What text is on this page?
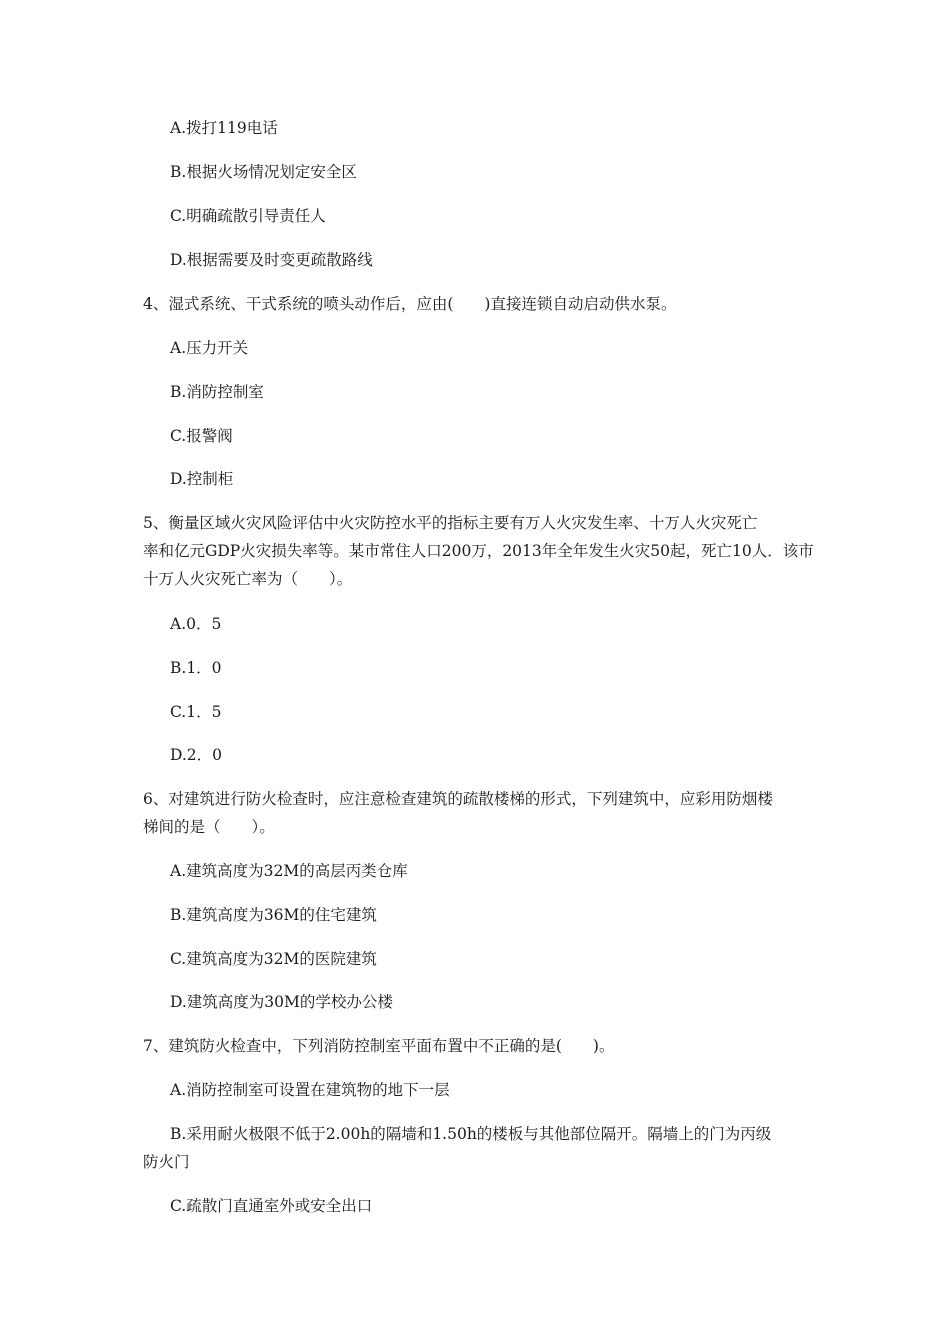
A.拨打119电话
B.根据火场情况划定安全区
C.明确疏散引导责任人
D.根据需要及时变更疏散路线
4、湿式系统、干式系统的喷头动作后，应由(　　)直接连锁自动启动供水泵。
A.压力开关
B.消防控制室
C.报警阀
D.控制柜
5、衡量区域火灾风险评估中火灾防控水平的指标主要有万人火灾发生率、十万人火灾死亡
率和亿元GDP火灾损失率等。某市常住人口200万，2013年全年发生火灾50起，死亡10人．该市
十万人火灾死亡率为（　　）。
A.0．5
B.1．0
C.1．5
D.2．0
6、对建筑进行防火检查时，应注意检查建筑的疏散楼梯的形式，下列建筑中，应彩用防烟楼
梯间的是（　　）。
A.建筑高度为32M的高层丙类仓库
B.建筑高度为36M的住宅建筑
C.建筑高度为32M的医院建筑
D.建筑高度为30M的学校办公楼
7、建筑防火检查中，下列消防控制室平面布置中不正确的是(　　)。
A.消防控制室可设置在建筑物的地下一层
B.采用耐火极限不低于2.00h的隔墙和1.50h的楼板与其他部位隔开。隔墙上的门为丙级
防火门
C.疏散门直通室外或安全出口
